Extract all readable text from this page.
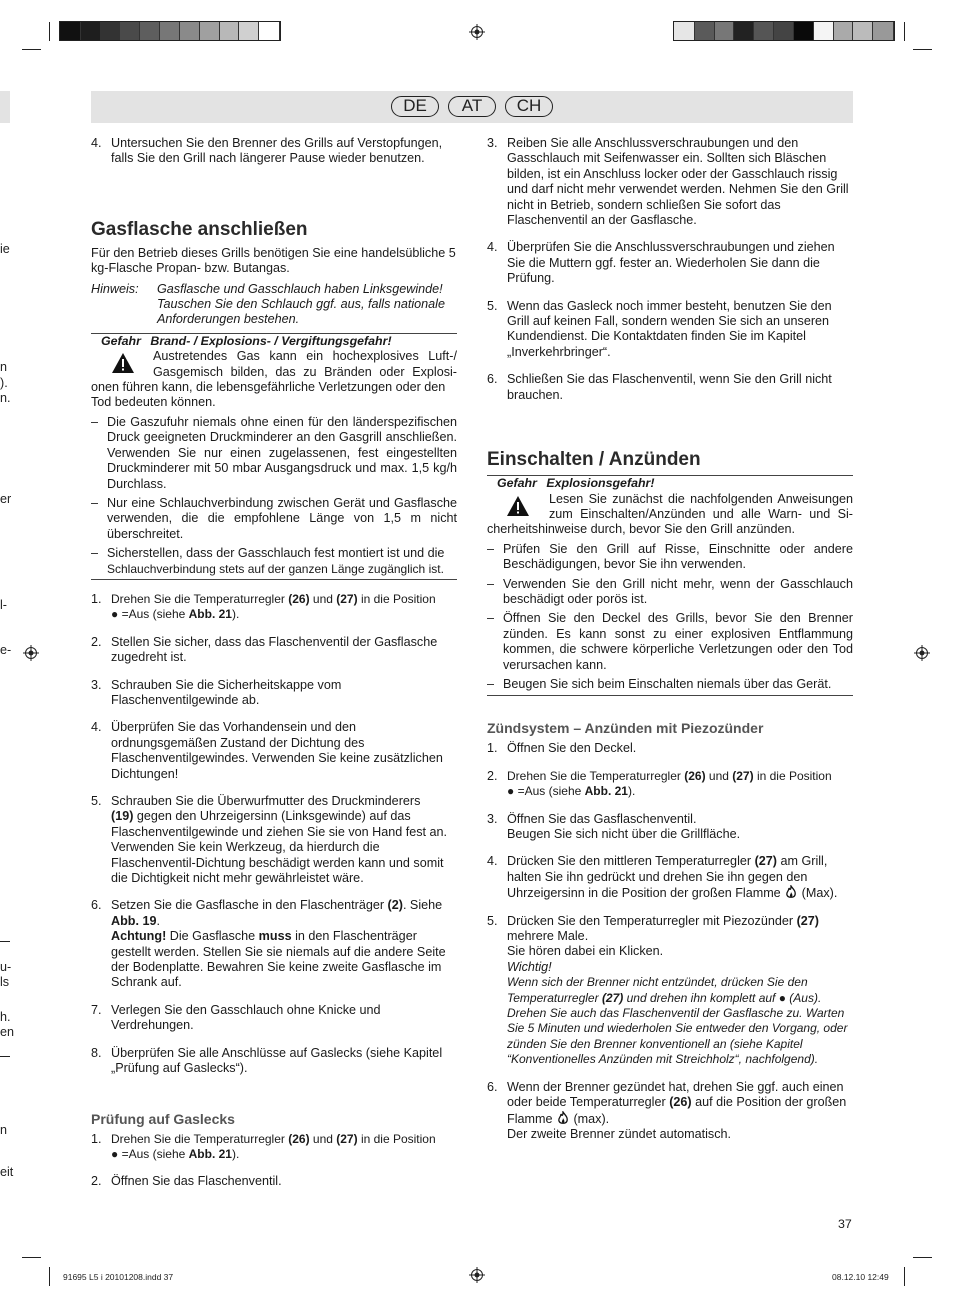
DE	AT	CH
ie
).
n.
n
er
l-
e-
u-
ls
h.
en
n
eit
4. Untersuchen Sie den Brenner des Grills auf Verstopfungen, falls Sie den Grill nach längerer Pause wieder benutzen.
Gasflasche anschließen

Für den Betrieb dieses Grills benötigen Sie eine handelsübliche 5 kg-Flasche Propan- bzw. Butangas.

Hinweis:	Gasflasche und Gasschlauch haben Linksgewinde! Tauschen Sie den Schlauch ggf. aus, falls nationale Anforderungen bestehen.
Gefahr Brand- / Explosions- / Vergiftungsgefahr!
Austretendes Gas kann ein hochexplosives Luft-/
Gasgemisch bilden, das zu Bränden oder Explosi-
onen führen kann, die lebensgefährliche Verletzungen oder den Tod bedeuten können.
– Die Gaszufuhr niemals ohne einen für den länderspezifischen Druck geeigneten Druckminderer an den Gasgrill anschließen. Verwenden Sie nur einen zugelassenen, fest eingestellten Druckminderer mit 50 mbar Ausgangsdruck und max. 1,5 kg/h Durchlass.
– Nur eine Schlauchverbindung zwischen Gerät und Gasflasche verwenden, die die empfohlene Länge von 1,5 m nicht überschreitet.
– Sicherstellen, dass der Gasschlauch fest montiert ist und die
Schlauchverbindung stets auf der ganzen Länge zugänglich ist.
1. Drehen Sie die Temperaturregler (26) und (27) in die Position
● =Aus (siehe Abb. 21).
2. Stellen Sie sicher, dass das Flaschenventil der Gasflasche zugedreht ist.
3. Schrauben Sie die Sicherheitskappe vom Flaschenventilgewinde ab.
4. Überprüfen Sie das Vorhandensein und den ordnungsgemäßen Zustand der Dichtung des Flaschenventilgewindes. Verwenden Sie keine zusätzlichen Dichtungen!
5. Schrauben Sie die Überwurfmutter des Druckminderers
(19) gegen den Uhrzeigersinn (Linksgewinde) auf das Flaschenventilgewinde und ziehen Sie sie von Hand fest an. Verwenden Sie kein Werkzeug, da hierdurch die Flaschenventil-Dichtung beschädigt werden kann und somit die Dichtigkeit nicht mehr gewährleistet wäre.
6. Setzen Sie die Gasflasche in den Flaschenträger (2). Siehe Abb. 19.
Achtung! Die Gasflasche muss in den Flaschenträger gestellt werden. Stellen Sie sie niemals auf die andere Seite der Bodenplatte. Bewahren Sie keine zweite Gasflasche im Schrank auf.
7. Verlegen Sie den Gasschlauch ohne Knicke und Verdrehungen.
8. Überprüfen Sie alle Anschlüsse auf Gaslecks (siehe Kapitel „Prüfung auf Gaslecks“).
Prüfung auf Gaslecks
1. Drehen Sie die Temperaturregler (26) und (27) in die Position
● =Aus (siehe Abb. 21).
2. Öffnen Sie das Flaschenventil.
3. Reiben Sie alle Anschlussverschraubungen und den Gasschlauch mit Seifenwasser ein. Sollten sich Bläschen bilden, ist ein Anschluss locker oder der Gasschlauch rissig und darf nicht mehr verwendet werden. Nehmen Sie den Grill nicht in Betrieb, sondern schließen Sie sofort das Flaschenventil an der Gasflasche.
4. Überprüfen Sie die Anschlussverschraubungen und ziehen Sie die Muttern ggf. fester an. Wiederholen Sie dann die Prüfung.
5. Wenn das Gasleck noch immer besteht, benutzen Sie den Grill auf keinen Fall, sondern wenden Sie sich an unseren Kundendienst. Die Kontaktdaten finden Sie im Kapitel „Inverkehrbringer“.
6. Schließen Sie das Flaschenventil, wenn Sie den Grill nicht brauchen.
Einschalten / Anzünden
Gefahr Explosionsgefahr!
Lesen Sie zunächst die nachfolgenden Anweisungen
zum Einschalten/Anzünden und alle Warn- und Si-
cherheitshinweise durch, bevor Sie den Grill anzünden.
– Prüfen Sie den Grill auf Risse, Einschnitte oder andere Beschädigungen, bevor Sie ihn verwenden.
– Verwenden Sie den Grill nicht mehr, wenn der Gasschlauch beschädigt oder porös ist.
– Öffnen Sie den Deckel des Grills, bevor Sie den Brenner zünden. Es kann sonst zu einer explosiven Entflammung kommen, die schwere körperliche Verletzungen oder den Tod verursachen kann.
– Beugen Sie sich beim Einschalten niemals über das Gerät.
Zündsystem – Anzünden mit Piezozünder
1. Öffnen Sie den Deckel.
2. Drehen Sie die Temperaturregler (26) und (27) in die Position
● =Aus (siehe Abb. 21).
3. Öffnen Sie das Gasflaschenventil.
Beugen Sie sich nicht über die Grillfläche.
4. Drücken Sie den mittleren Temperaturregler (27) am Grill, halten Sie ihn gedrückt und drehen Sie ihn gegen den Uhrzeigersinn in die Position der großen Flamme  (Max).
5. Drücken Sie den Temperaturregler mit Piezozünder (27)
mehrere Male.
Sie hören dabei ein Klicken.
Wichtig!
Wenn sich der Brenner nicht entzündet, drücken Sie den Temperaturregler (27) und drehen ihn komplett auf ● (Aus). Drehen Sie auch das Flaschenventil der Gasflasche zu. Warten Sie 5 Minuten und wiederholen Sie entweder den Vorgang, oder zünden Sie den Brenner konventionell an (siehe Kapitel “Konventionelles Anzünden mit Streichholz“, nachfolgend).
6. Wenn der Brenner gezündet hat, drehen Sie ggf. auch einen oder beide Temperaturregler (26) auf die Position der großen Flamme  (max).
Der zweite Brenner zündet automatisch.
37
91695 L5 i 20101208.indd 37	08.12.10 12:49
